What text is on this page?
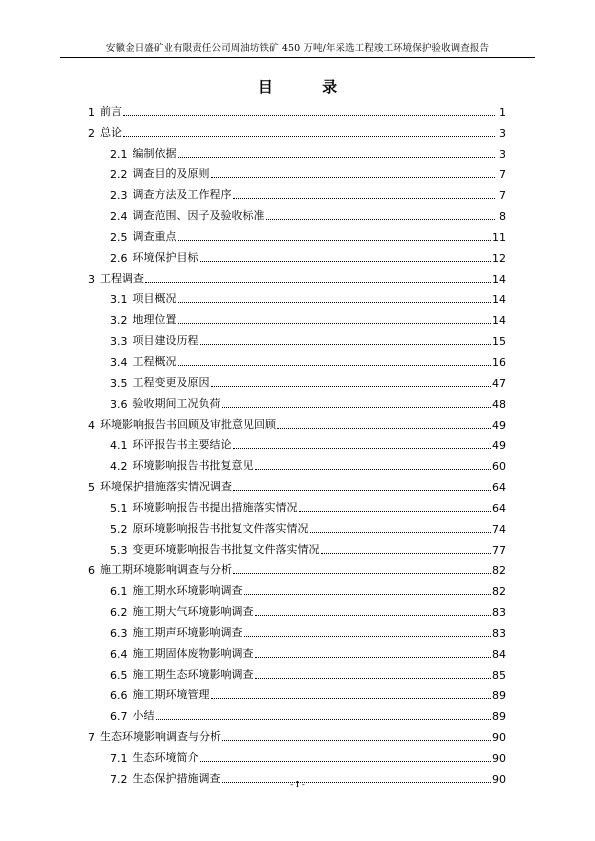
安徽金日盛矿业有限责任公司周油坊铁矿 450 万吨/年采选工程竣工环境保护验收调查报告
目 录
1 前言	1
2 总论	3
2.1 编制依据	3
2.2 调查目的及原则	7
2.3 调查方法及工作程序	7
2.4 调查范围、因子及验收标准	8
2.5 调查重点	11
2.6 环境保护目标	12
3 工程调查	14
3.1 项目概况	14
3.2 地理位置	14
3.3 项目建设历程	15
3.4 工程概况	16
3.5 工程变更及原因	47
3.6 验收期间工况负荷	48
4 环境影响报告书回顾及审批意见回顾	49
4.1 环评报告书主要结论	49
4.2 环境影响报告书批复意见	60
5 环境保护措施落实情况调查	64
5.1 环境影响报告书提出措施落实情况	64
5.2 原环境影响报告书批复文件落实情况	74
5.3 变更环境影响报告书批复文件落实情况	77
6 施工期环境影响调查与分析	82
6.1 施工期水环境影响调查	82
6.2 施工期大气环境影响调查	83
6.3 施工期声环境影响调查	83
6.4 施工期固体废物影响调查	84
6.5 施工期生态环境影响调查	85
6.6 施工期环境管理	89
6.7 小结	89
7 生态环境影响调查与分析	90
7.1 生态环境简介	90
7.2 生态保护措施调查	90
- I -
